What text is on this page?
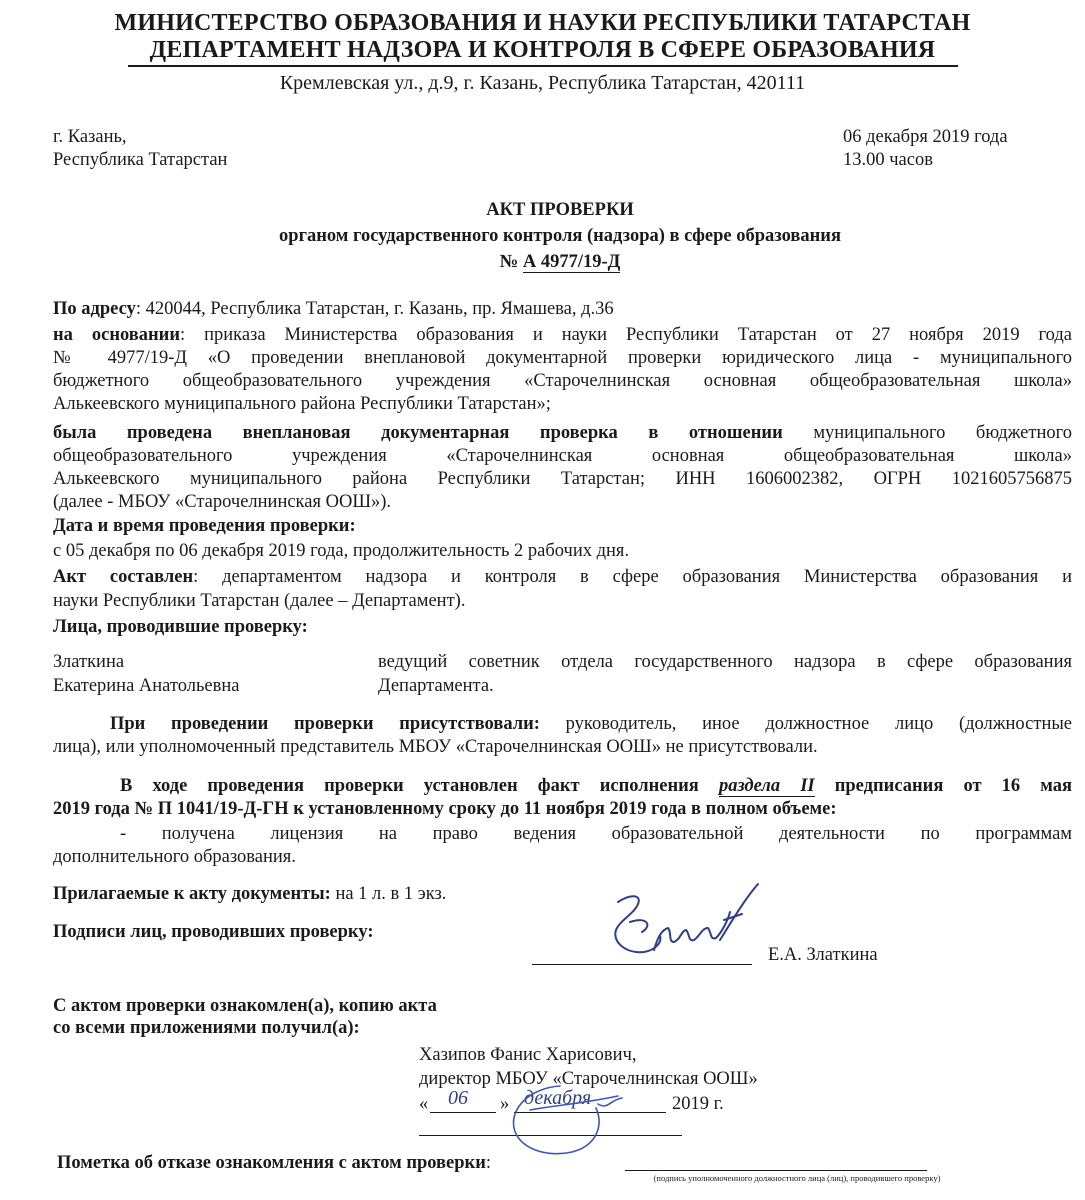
МИНИСТЕРСТВО ОБРАЗОВАНИЯ И НАУКИ РЕСПУБЛИКИ ТАТАРСТАН
ДЕПАРТАМЕНТ НАДЗОРА И КОНТРОЛЯ В СФЕРЕ ОБРАЗОВАНИЯ
Кремлевская ул., д.9, г. Казань, Республика Татарстан, 420111
г. Казань,
Республика Татарстан
06 декабря 2019 года
13.00 часов
АКТ ПРОВЕРКИ
органом государственного контроля (надзора) в сфере образования
№ А 4977/19-Д
По адресу: 420044, Республика Татарстан, г. Казань, пр. Ямашева, д.36
на основании: приказа Министерства образования и науки Республики Татарстан от 27 ноября 2019 года
№ 4977/19-Д «О проведении внеплановой документарной проверки юридического лица - муниципального
бюджетного общеобразовательного учреждения «Старочелнинская основная общеобразовательная школа»
Алькеевского муниципального района Республики Татарстан»;
была проведена внеплановая документарная проверка в отношении муниципального бюджетного
общеобразовательного учреждения «Старочелнинская основная общеобразовательная школа»
Алькеевского муниципального района Республики Татарстан; ИНН 1606002382, ОГРН 1021605756875
(далее - МБОУ «Старочелнинская ООШ»).
Дата и время проведения проверки:
с 05 декабря по 06 декабря 2019 года, продолжительность 2 рабочих дня.
Акт составлен: департаментом надзора и контроля в сфере образования Министерства образования и
науки Республики Татарстан (далее – Департамент).
Лица, проводившие проверку:
Златкина
Екатерина Анатольевна
ведущий советник отдела государственного надзора в сфере образования
Департамента.
При проведении проверки присутствовали: руководитель, иное должностное лицо (должностные
лица), или уполномоченный представитель МБОУ «Старочелнинская ООШ» не присутствовали.
В ходе проведения проверки установлен факт исполнения раздела II предписания от 16 мая
2019 года № П 1041/19-Д-ГН к установленному сроку до 11 ноября 2019 года в полном объеме:
- получена лицензия на право ведения образовательной деятельности по программам
дополнительного образования.
Прилагаемые к акту документы: на 1 л. в 1 экз.
Подписи лиц, проводивших проверку:
Е.А. Златкина
С актом проверки ознакомлен(а), копию акта
со всеми приложениями получил(а):
Хазипов Фанис Харисович,
директор МБОУ «Старочелнинская ООШ»
« 06 » декабря	2019 г.
Пометка об отказе ознакомления с актом проверки:
(подпись уполномоченного должностного лица (лиц), проводившего проверку)
